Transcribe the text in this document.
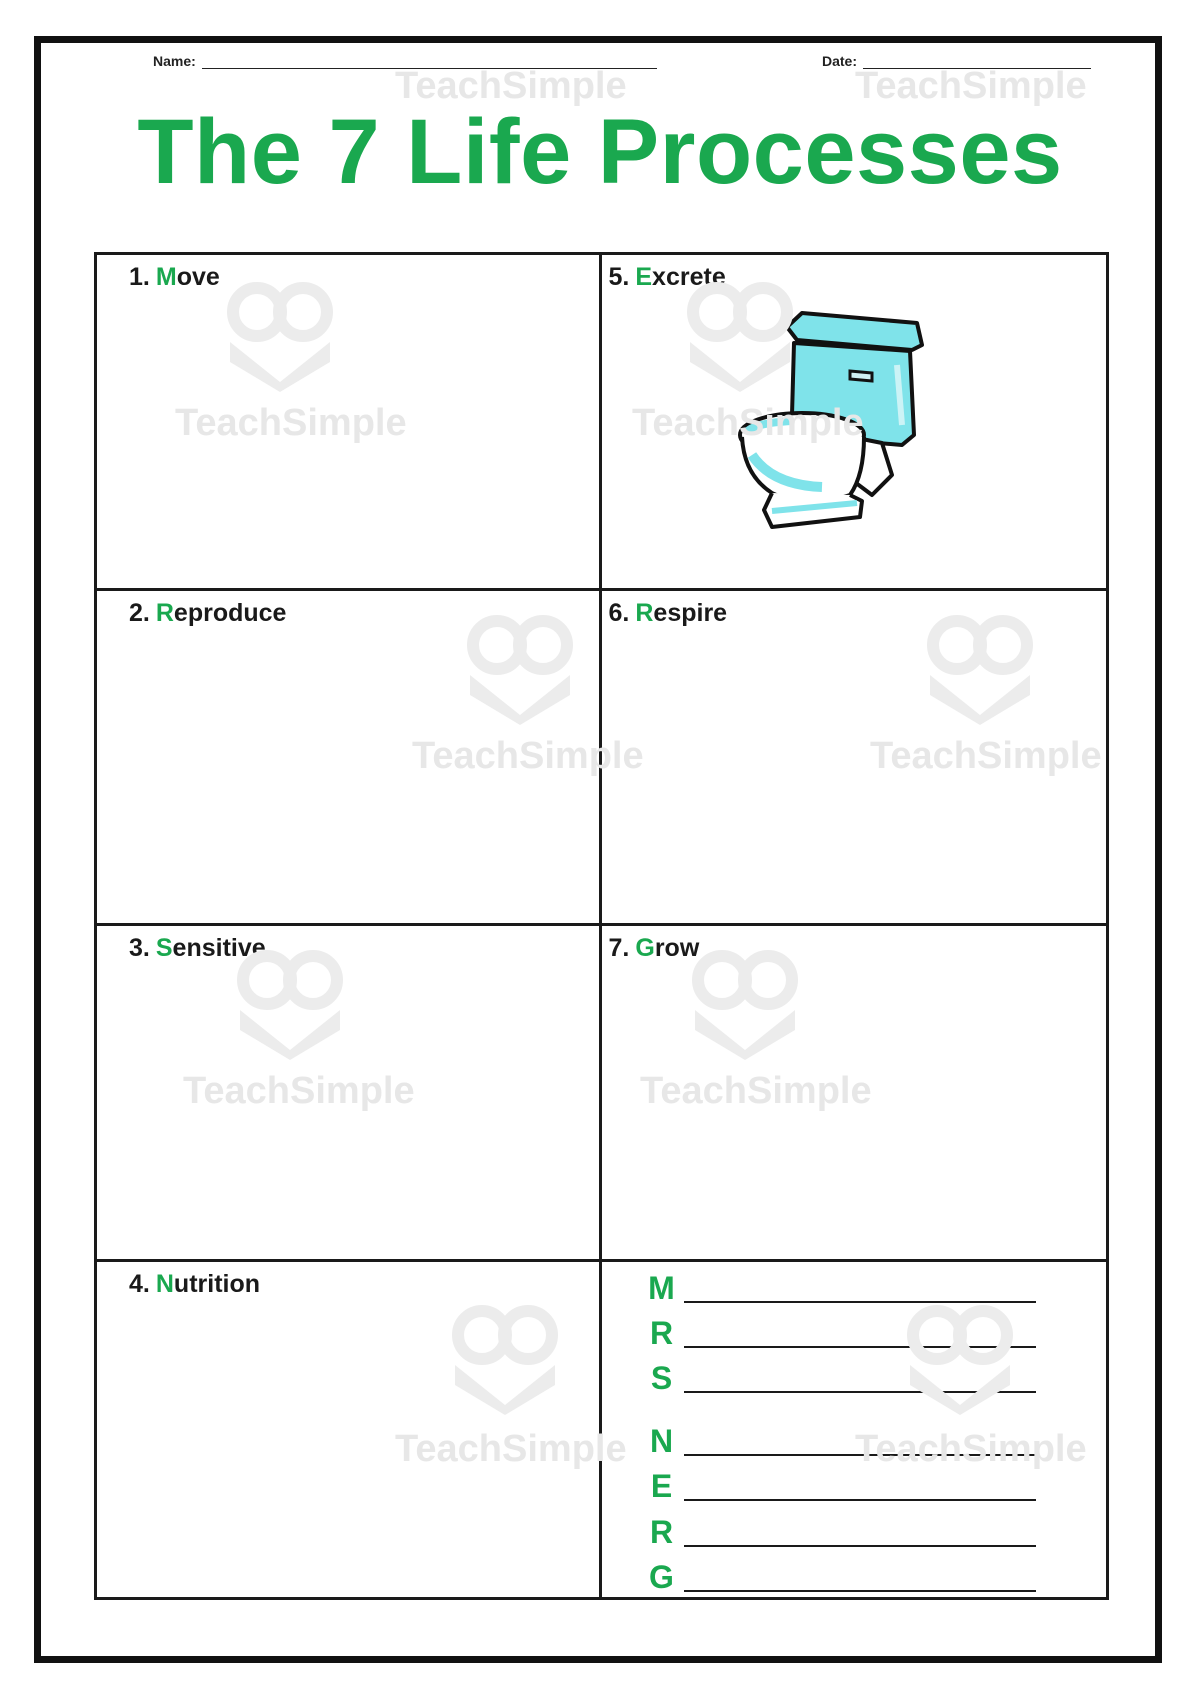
Name:	Date:
The 7 Life Processes
1. Move	5. Excrete
2. Reproduce	6. Respire
3. Sensitive	7. Grow
4. Nutrition	M
R
S
N
E
R
G
TeachSimple	TeachSimple
TeachSimple	TeachSimple
TeachSimple	TeachSimple
TeachSimple	TeachSimple
TeachSimple	TeachSimple
